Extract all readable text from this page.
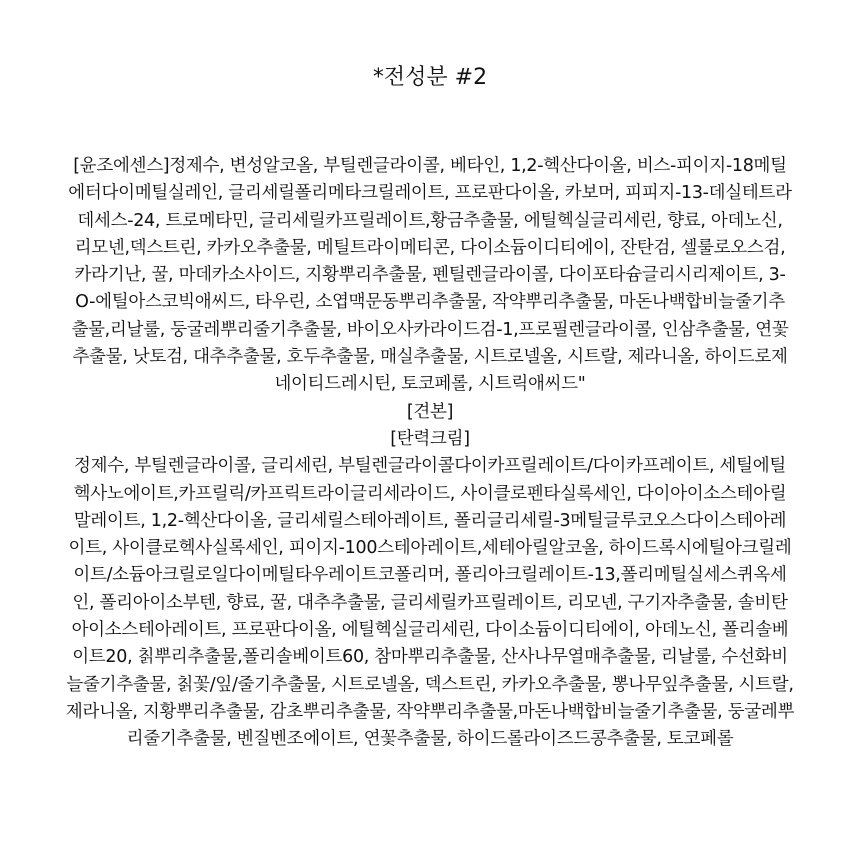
*전성분 #2
[윤조에센스]정제수, 변성알코올, 부틸렌글라이콜, 베타인, 1,2-헥산다이올, 비스-피이지-18메틸
에터다이메틸실레인, 글리세릴폴리메타크릴레이트, 프로판다이올, 카보머, 피피지-13-데실테트라
데세스-24, 트로메타민, 글리세릴카프릴레이트,황금추출물, 에틸헥실글리세린, 향료, 아데노신,
리모넨,덱스트린, 카카오추출물, 메틸트라이메티콘, 다이소듐이디티에이, 잔탄검, 셀룰로오스검,
카라기난, 꿀, 마데카소사이드, 지황뿌리추출물, 펜틸렌글라이콜, 다이포타슘글리시리제이트, 3-
O-에틸아스코빅애씨드, 타우린, 소엽맥문동뿌리추출물, 작약뿌리추출물, 마돈나백합비늘줄기추
출물,리날룰, 둥굴레뿌리줄기추출물, 바이오사카라이드검-1,프로필렌글라이콜, 인삼추출물, 연꽃
추출물, 낫토검, 대추추출물, 호두추출물, 매실추출물, 시트로넬올, 시트랄, 제라니올, 하이드로제
네이티드레시틴, 토코페롤, 시트릭애씨드"
[견본]
[탄력크림]
정제수, 부틸렌글라이콜, 글리세린, 부틸렌글라이콜다이카프릴레이트/다이카프레이트, 세틸에틸
헥사노에이트,카프릴릭/카프릭트라이글리세라이드, 사이클로펜타실록세인, 다이아이소스테아릴
말레이트, 1,2-헥산다이올, 글리세릴스테아레이트, 폴리글리세릴-3메틸글루코오스다이스테아레
이트, 사이클로헥사실록세인, 피이지-100스테아레이트,세테아릴알코올, 하이드록시에틸아크릴레
이트/소듐아크릴로일다이메틸타우레이트코폴리머, 폴리아크릴레이트-13,폴리메틸실세스퀴옥세
인, 폴리아이소부텐, 향료, 꿀, 대추추출물, 글리세릴카프릴레이트, 리모넨, 구기자추출물, 솔비탄
아이소스테아레이트, 프로판다이올, 에틸헥실글리세린, 다이소듐이디티에이, 아데노신, 폴리솔베
이트20, 칡뿌리추출물,폴리솔베이트60, 참마뿌리추출물, 산사나무열매추출물, 리날룰, 수선화비
늘줄기추출물, 칡꽃/잎/줄기추출물, 시트로넬올, 덱스트린, 카카오추출물, 뽕나무잎추출물, 시트랄,
제라니올, 지황뿌리추출물, 감초뿌리추출물, 작약뿌리추출물,마돈나백합비늘줄기추출물, 둥굴레뿌
리줄기추출물, 벤질벤조에이트, 연꽃추출물, 하이드롤라이즈드콩추출물, 토코페롤
